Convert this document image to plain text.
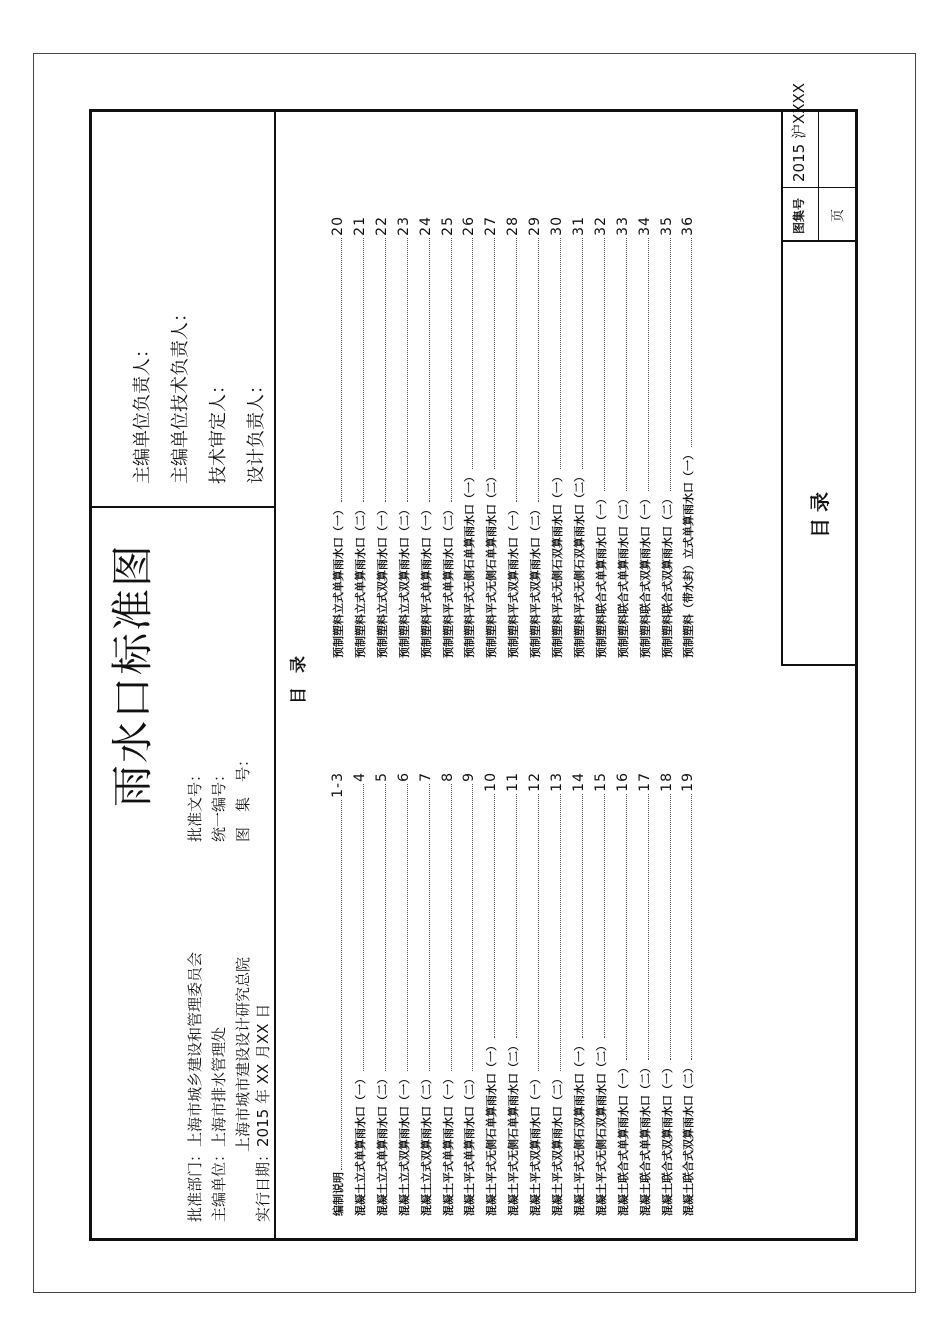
雨水口标准图
批准部门：上海市城乡建设和管理委员会 主编单位：上海市排水管理处 上海市城市建设设计研究总院 实行日期：2015 年 XX 月XX 日
批准文号： 统一编号： 图　集　号：
主编单位负责人： 主编单位技术负责人： 技术审定人： 设计负责人：
目录
编制说明
1-3
混凝土立式单算雨水口（一）
4
混凝土立式单算雨水口（二）
5
混凝土立式双算雨水口（一）
6
混凝土立式双算雨水口（二）
7
混凝土平式单算雨水口（一）
8
混凝土平式单算雨水口（二）
9
混凝土平式无侧石单算雨水口（一）
10
混凝土平式无侧石单算雨水口（二）
11
混凝土平式双算雨水口（一）
12
混凝土平式双算雨水口（二）
13
混凝土平式无侧石双算雨水口（一）
14
混凝土平式无侧石双算雨水口（二）
15
混凝土联合式单算雨水口（一）
16
混凝土联合式单算雨水口（二）
17
混凝土联合式双算雨水口（一）
18
混凝土联合式双算雨水口（二）
19
预制塑料立式单算雨水口（一）
20
预制塑料立式单算雨水口（二）
21
预制塑料立式双算雨水口（一）
22
预制塑料立式双算雨水口（二）
23
预制塑料平式单算雨水口（一）
24
预制塑料平式单算雨水口（二）
25
预制塑料平式无侧石单算雨水口（一）
26
预制塑料平式无侧石单算雨水口（二）
27
预制塑料平式双算雨水口（一）
28
预制塑料平式双算雨水口（二）
29
预制塑料平式无侧石双算雨水口（一）
30
预制塑料平式无侧石双算雨水口（二）
31
预制塑料联合式单算雨水口（一）
32
预制塑料联合式单算雨水口（二）
33
预制塑料联合式双算雨水口（一）
34
预制塑料联合式双算雨水口（二）
35
预制塑料（带水封）立式单算雨水口（一）
36
目录
图集号
2015 沪XXXX
页
